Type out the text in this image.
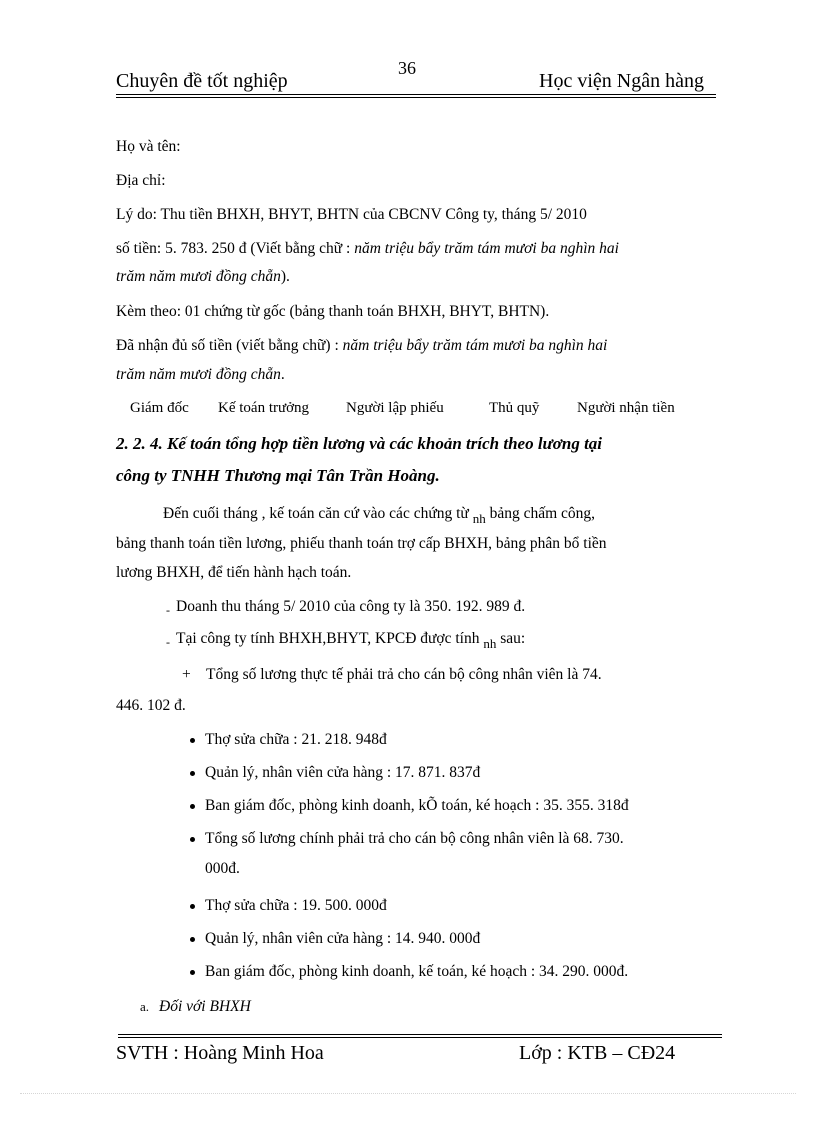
36
Chuyên đề tốt nghiệp	Học viện Ngân hàng
Họ và tên:
Địa chỉ:
Lý do: Thu tiền BHXH, BHYT, BHTN của CBCNV Công ty, tháng 5/ 2010
số tiền: 5. 783. 250 đ (Viết bằng chữ : năm triệu bẩy trăm tám mươi ba nghìn hai
trăm năm mươi đồng chẵn).
Kèm theo: 01 chứng từ gốc (bảng thanh toán BHXH, BHYT, BHTN).
Đã nhận đủ số tiền (viết bằng chữ) : năm triệu bẩy trăm tám mươi ba nghìn hai
trăm năm mươi đồng chẵn.
Giám đốc Kế toán trưởng Người lập phiếu	Thủ quỹ	Người nhận tiền
2. 2. 4. Kế toán tổng hợp tiền lương và các khoản trích theo lương tại
công ty TNHH Thương mại Tân Trần Hoàng.
Đến cuối tháng , kế toán căn cứ vào các chứng từ $_{nh}$ bảng chấm công,
bảng thanh toán tiền lương, phiếu thanh toán trợ cấp BHXH, bảng phân bổ tiền
lương BHXH, để tiến hành hạch toán.
- Doanh thu tháng 5/ 2010 của công ty là 350. 192. 989 đ.
- Tại công ty tính BHXH,BHYT, KPCĐ được tính $_{nh}$ sau:
+ Tổng số lương thực tế phải trả cho cán bộ công nhân viên là 74.
446. 102 đ.
Thợ sửa chữa : 21. 218. 948đ
Quản lý, nhân viên cửa hàng : 17. 871. 837đ
Ban giám đốc, phòng kinh doanh, kÕ toán, ké hoạch : 35. 355. 318đ
Tổng số lương chính phải trả cho cán bộ công nhân viên là 68. 730.
000đ.
Thợ sửa chữa : 19. 500. 000đ
Quản lý, nhân viên cửa hàng : 14. 940. 000đ
Ban giám đốc, phòng kinh doanh, kế toán, ké hoạch : 34. 290. 000đ.
a. Đối với BHXH
SVTH : Hoàng Minh Hoa	Lớp : KTB – CĐ24
